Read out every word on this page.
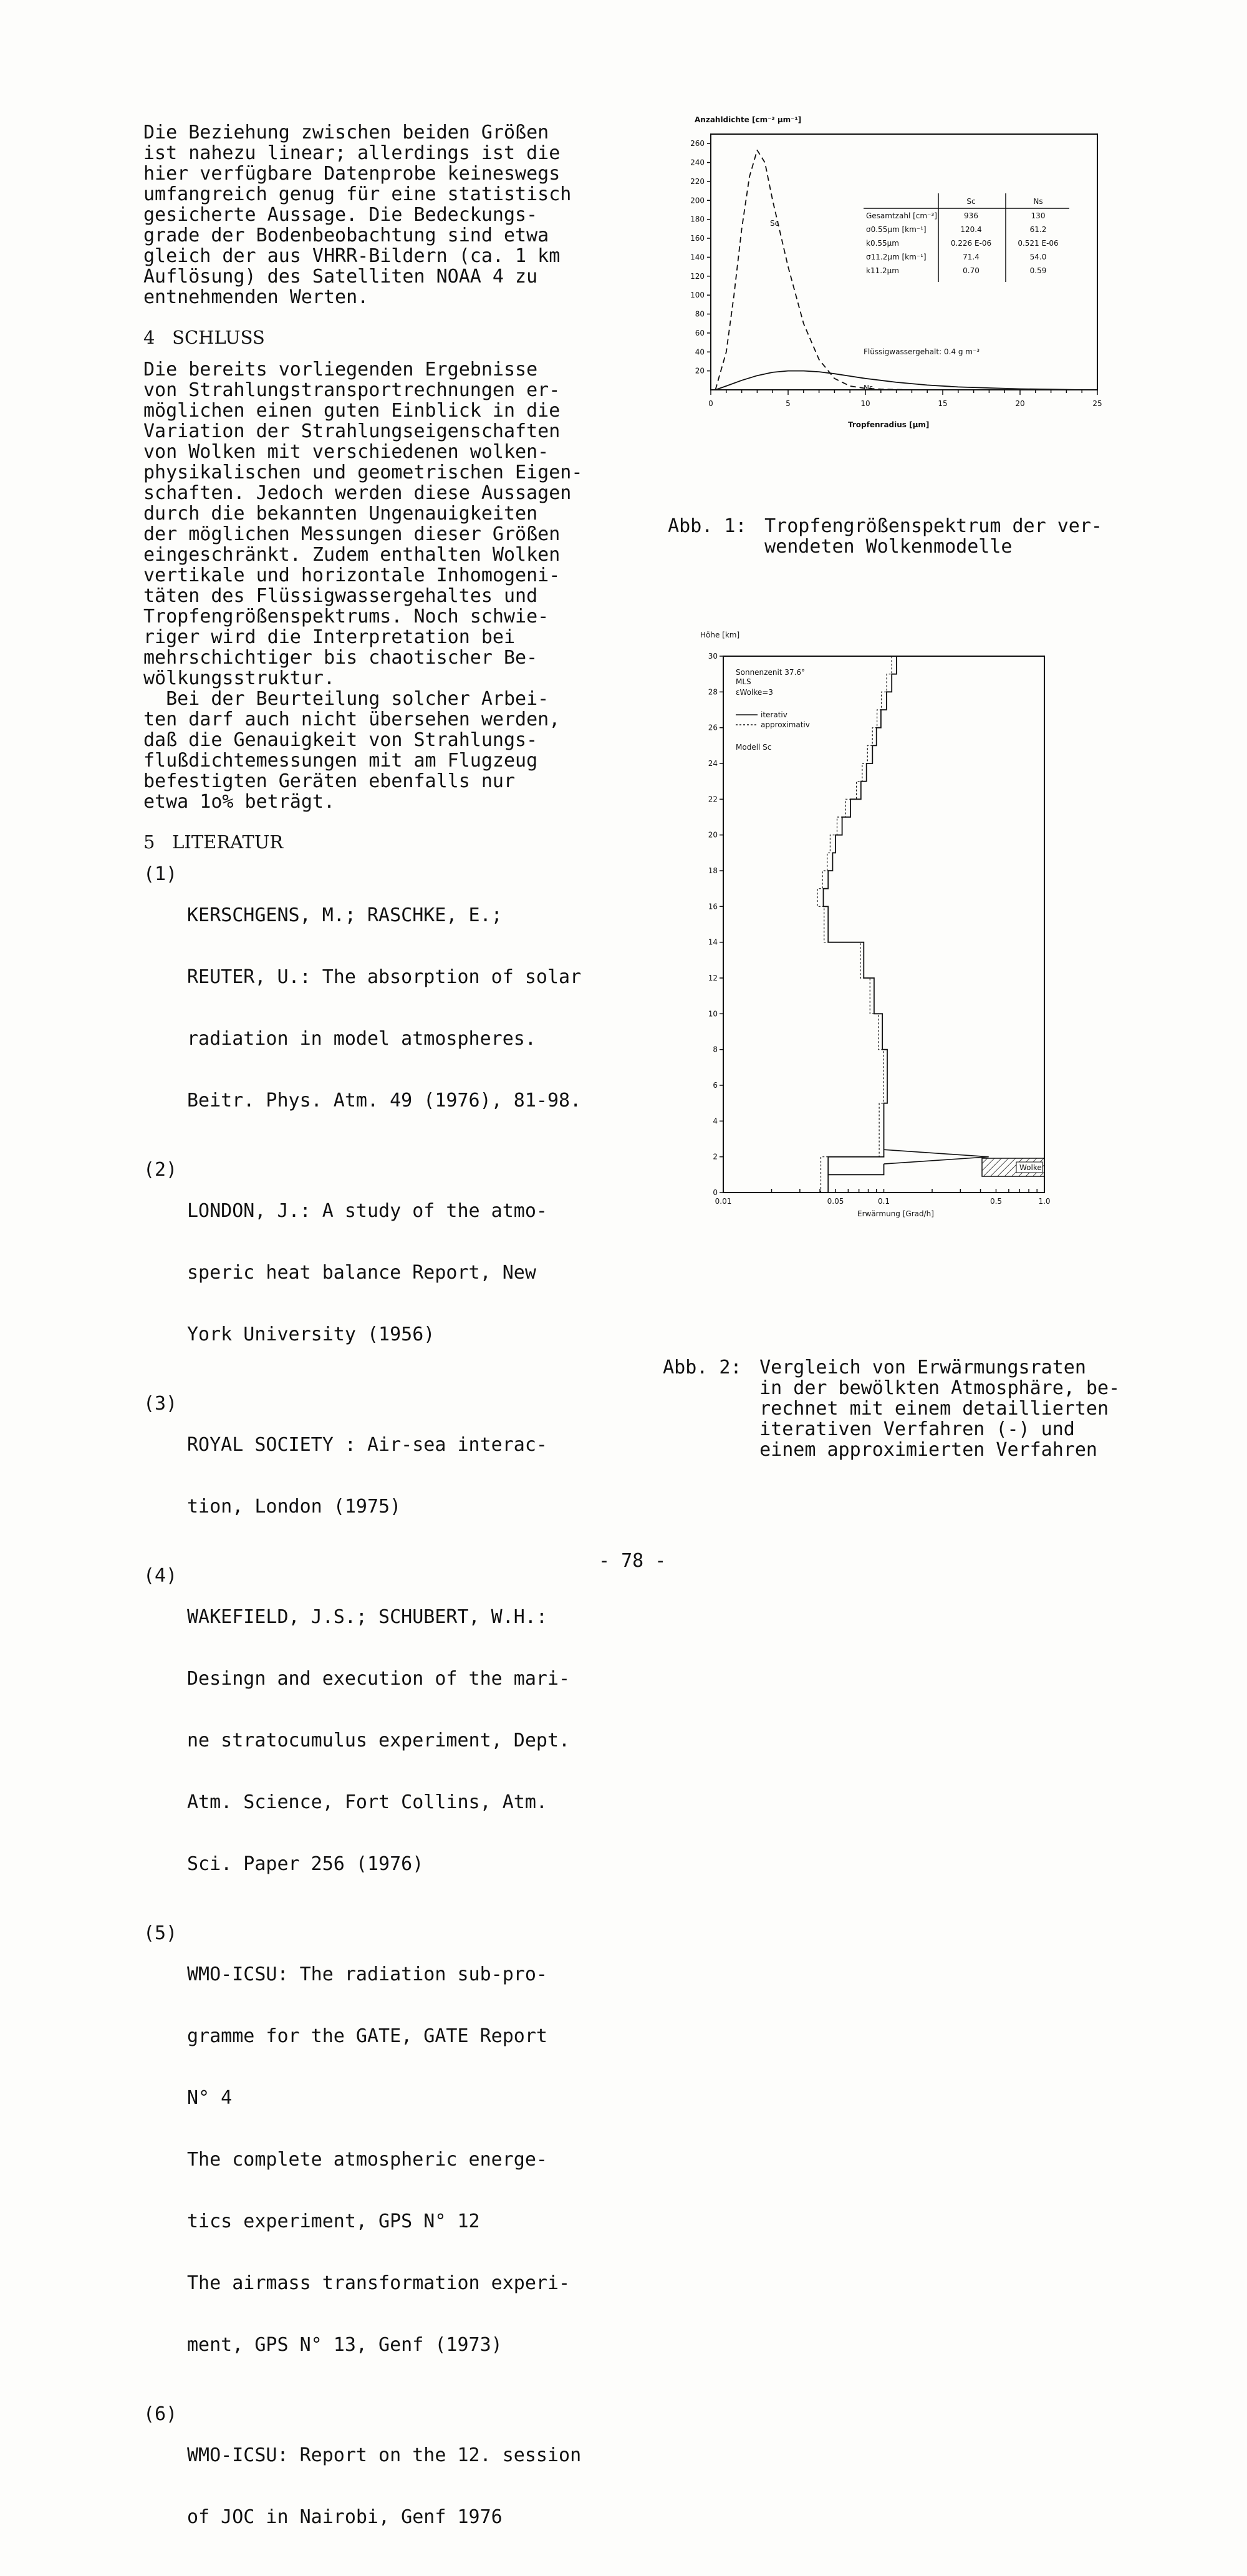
Die Beziehung zwischen beiden Größen

ist nahezu linear; allerdings ist die

hier verfügbare Datenprobe keineswegs

umfangreich genug für eine statistisch

gesicherte Aussage. Die Bedeckungs-

grade der Bodenbeobachtung sind etwa

gleich der aus VHRR-Bildern (ca. 1 km

Auflösung) des Satelliten NOAA 4 zu

entnehmenden Werten.

4   SCHLUSS

Die bereits vorliegenden Ergebnisse

von Strahlungstransportrechnungen er-

möglichen einen guten Einblick in die

Variation der Strahlungseigenschaften

von Wolken mit verschiedenen wolken-

physikalischen und geometrischen Eigen-

schaften. Jedoch werden diese Aussagen

durch die bekannten Ungenauigkeiten

der möglichen Messungen dieser Größen

eingeschränkt. Zudem enthalten Wolken

vertikale und horizontale Inhomogeni-

täten des Flüssigwassergehaltes und

Tropfengrößenspektrums. Noch schwie-

riger wird die Interpretation bei

mehrschichtiger bis chaotischer Be-

wölkungsstruktur.

Bei der Beurteilung solcher Arbei-

ten darf auch nicht übersehen werden,

daß die Genauigkeit von Strahlungs-

flußdichtemessungen mit am Flugzeug

befestigten Geräten ebenfalls nur

etwa 1o% beträgt.

5   LITERATUR
(1)

KERSCHGENS, M.; RASCHKE, E.;

REUTER, U.: The absorption of solar

radiation in model atmospheres.

Beitr. Phys. Atm. 49 (1976), 81-98.

(2)

LONDON, J.: A study of the atmo-

speric heat balance Report, New

York University (1956)

(3)

ROYAL SOCIETY : Air-sea interac-

tion, London (1975)

(4)

WAKEFIELD, J.S.; SCHUBERT, W.H.:

Desingn and execution of the mari-

ne stratocumulus experiment, Dept.

Atm. Science, Fort Collins, Atm.

Sci. Paper 256 (1976)

(5)

WMO-ICSU: The radiation sub-pro-

gramme for the GATE, GATE Report

N° 4

The complete atmospheric energe-

tics experiment, GPS N° 12

The airmass transformation experi-

ment, GPS N° 13, Genf (1973)

(6)

WMO-ICSU: Report on the 12. session

of JOC in Nairobi, Genf 1976

Anzahldichte [cm⁻³ μm⁻¹]
20
40
60
80
100
120
140
160
180
200
220
240
260
0	5	10	15	20	25
Sc
Ns
Sc	Ns
Gesamtzahl [cm⁻³]	936	130
σ0.55μm [km⁻¹]	120.4	61.2
k0.55μm	0.226 E-06	0.521 E-06
σ11.2μm [km⁻¹]	71.4	54.0
k11.2μm	0.70	0.59
Flüssigwassergehalt: 0.4 g m⁻³
Tropfenradius [μm]

Abb. 1: Tropfengrößenspektrum der ver-
wendeten Wolkenmodelle

Höhe [km]
0
2
4
6
8
10
12
14
16
18
20
22
24
26
28
30
0.01	0.05	0.1	0.5	1.0
Sonnenzenit 37.6°
MLS
εWolke=3
iterativ
approximativ
Modell Sc
Wolke
Erwärmung [Grad/h]

Abb. 2: Vergleich von Erwärmungsraten
in der bewölkten Atmosphäre, be-
rechnet mit einem detaillierten
iterativen Verfahren (-) und
einem approximierten Verfahren

- 78 -
